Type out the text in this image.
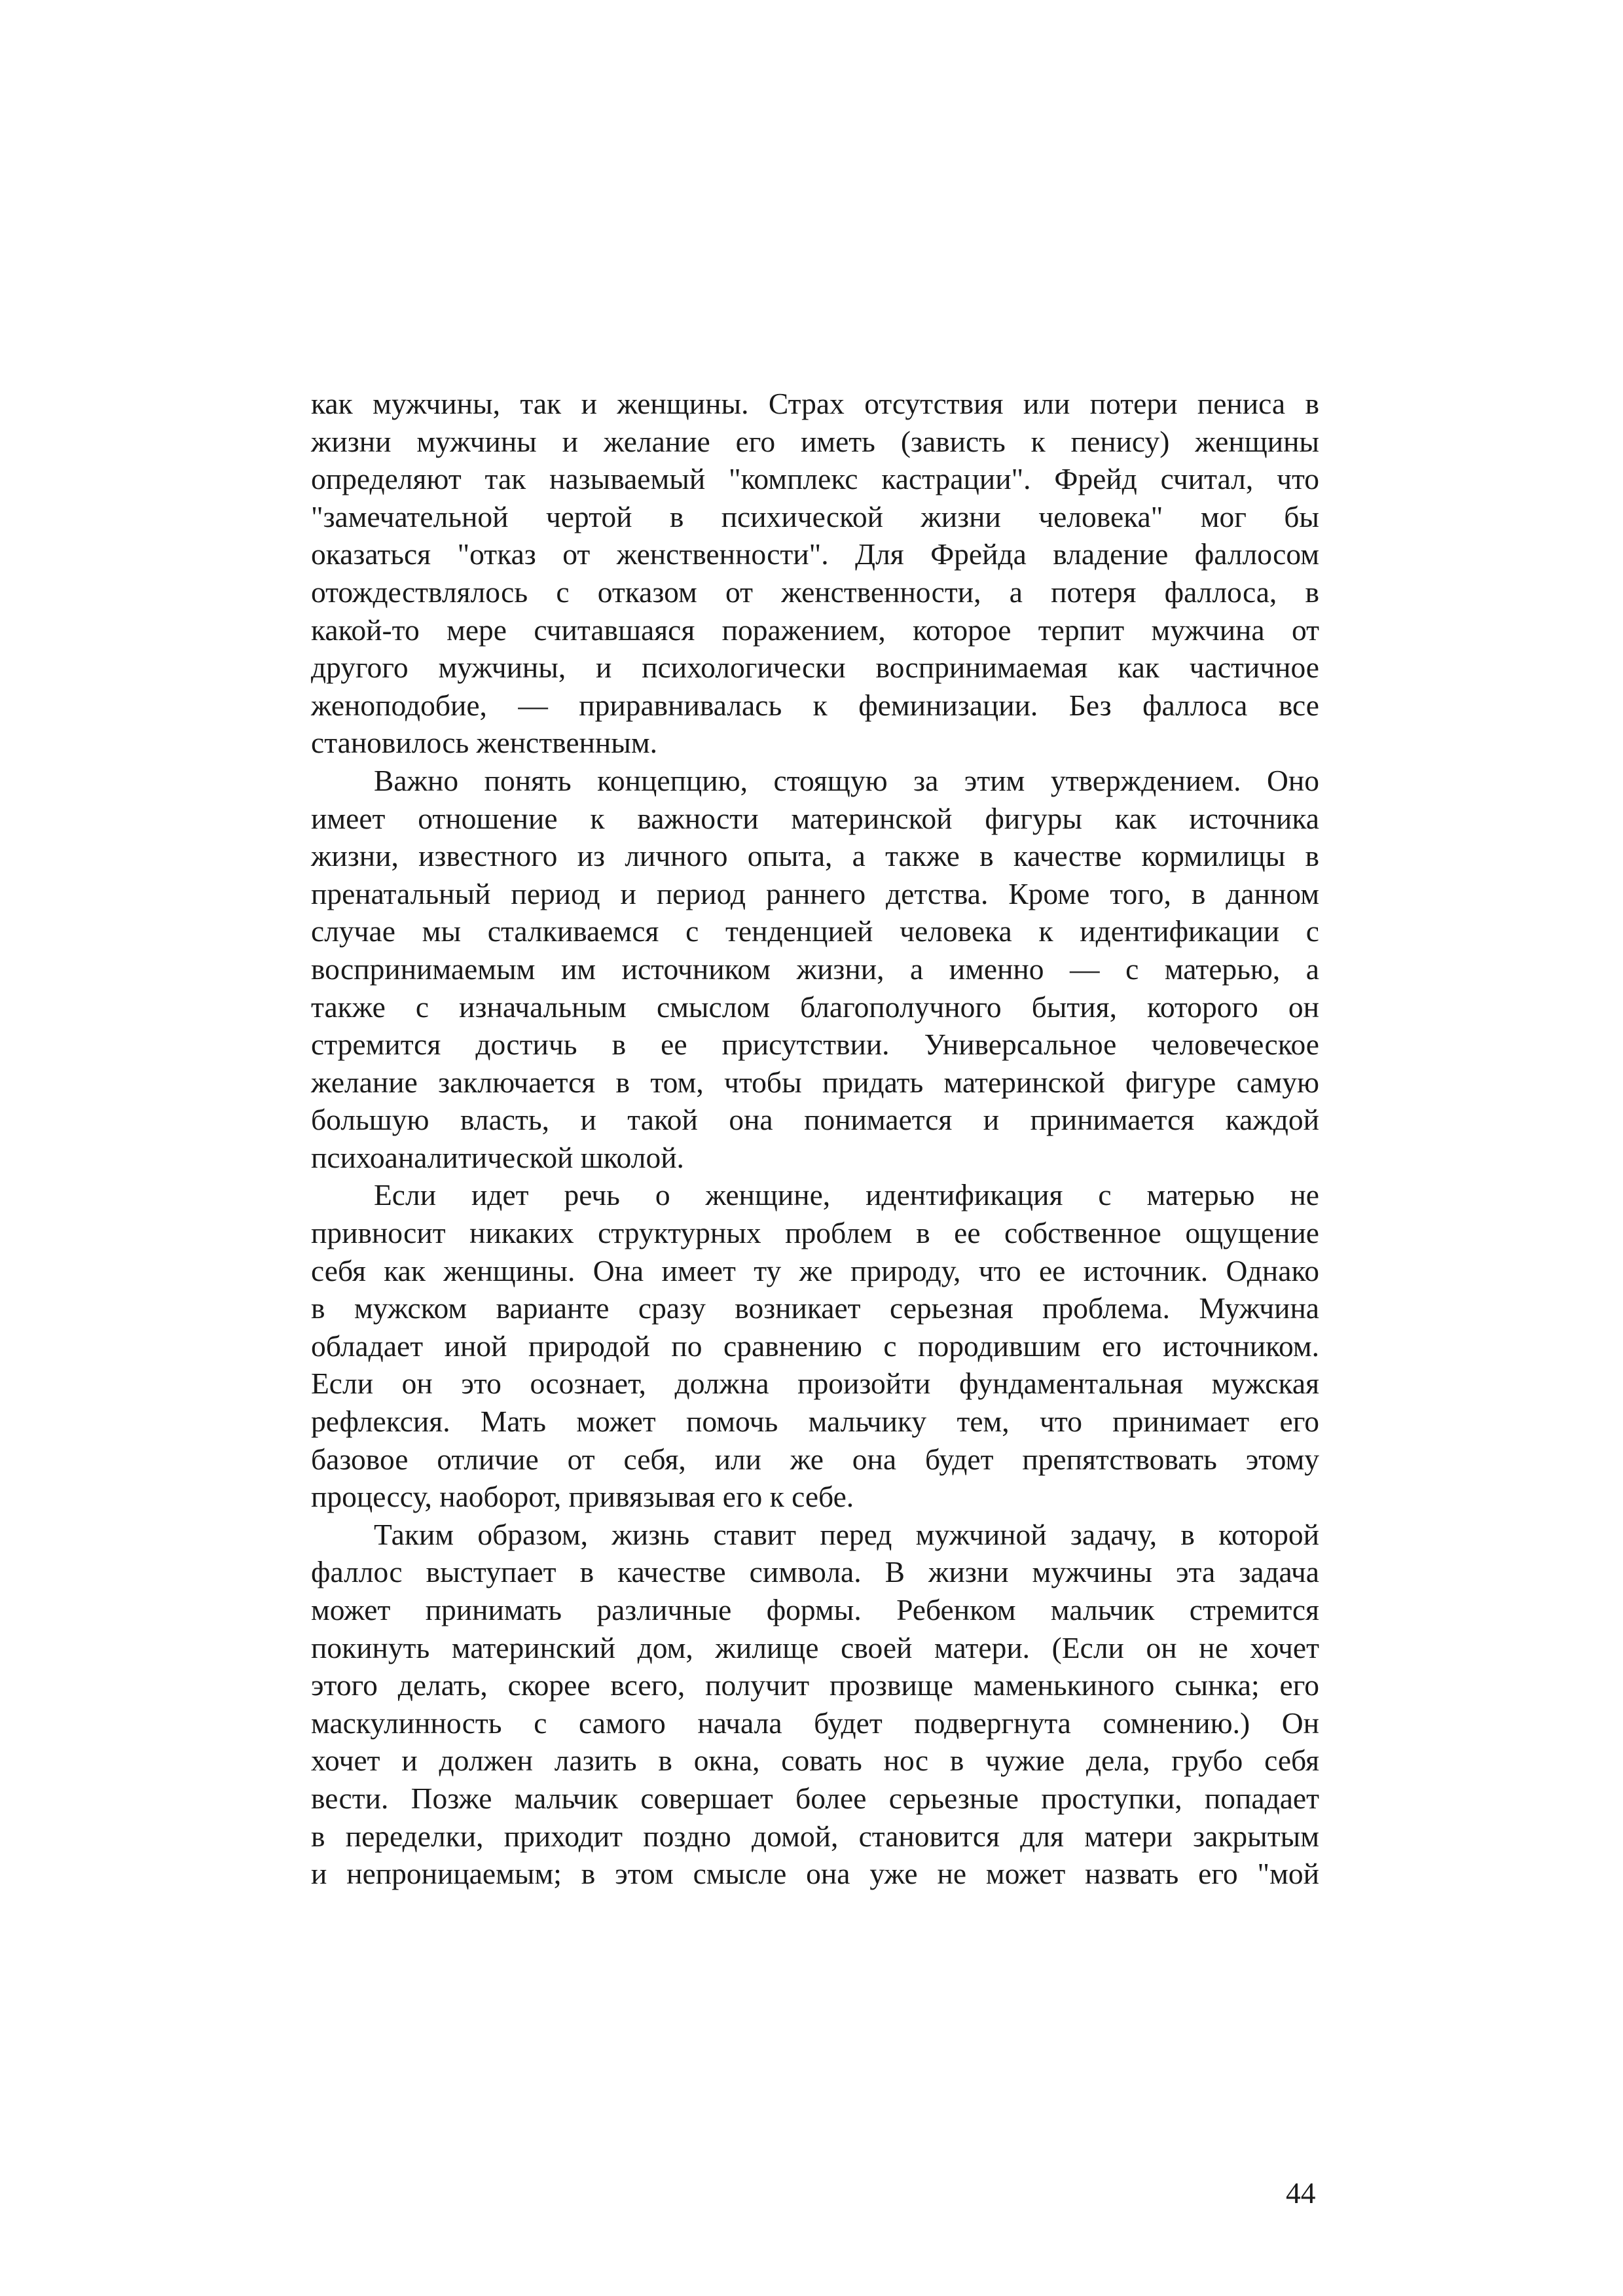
как мужчины, так и женщины. Страх отсутствия или потери пениса в
жизни мужчины и желание его иметь (зависть к пенису) женщины
определяют так называемый "комплекс кастрации". Фрейд считал, что
"замечательной чертой в психической жизни человека" мог бы
оказаться "отказ от женственности". Для Фрейда владение фаллосом
отождествлялось с отказом от женственности, а потеря фаллоса, в
какой-то мере считавшаяся поражением, которое терпит мужчина от
другого мужчины, и психологически воспринимаемая как частичное
женоподобие, — приравнивалась к феминизации. Без фаллоса все
становилось женственным.
Важно понять концепцию, стоящую за этим утверждением. Оно
имеет отношение к важности материнской фигуры как источника
жизни, известного из личного опыта, а также в качестве кормилицы в
пренатальный период и период раннего детства. Кроме того, в данном
случае мы сталкиваемся с тенденцией человека к идентификации с
воспринимаемым им источником жизни, а именно — с матерью, а
также с изначальным смыслом благополучного бытия, которого он
стремится достичь в ее присутствии. Универсальное человеческое
желание заключается в том, чтобы придать материнской фигуре самую
большую власть, и такой она понимается и принимается каждой
психоаналитической школой.
Если идет речь о женщине, идентификация с матерью не
привносит никаких структурных проблем в ее собственное ощущение
себя как женщины. Она имеет ту же природу, что ее источник. Однако
в мужском варианте сразу возникает серьезная проблема. Мужчина
обладает иной природой по сравнению с породившим его источником.
Если он это осознает, должна произойти фундаментальная мужская
рефлексия. Мать может помочь мальчику тем, что принимает его
базовое отличие от себя, или же она будет препятствовать этому
процессу, наоборот, привязывая его к себе.
Таким образом, жизнь ставит перед мужчиной задачу, в которой
фаллос выступает в качестве символа. В жизни мужчины эта задача
может принимать различные формы. Ребенком мальчик стремится
покинуть материнский дом, жилище своей матери. (Если он не хочет
этого делать, скорее всего, получит прозвище маменькиного сынка; его
маскулинность с самого начала будет подвергнута сомнению.) Он
хочет и должен лазить в окна, совать нос в чужие дела, грубо себя
вести. Позже мальчик совершает более серьезные проступки, попадает
в переделки, приходит поздно домой, становится для матери закрытым
и непроницаемым; в этом смысле она уже не может назвать его "мой
44
